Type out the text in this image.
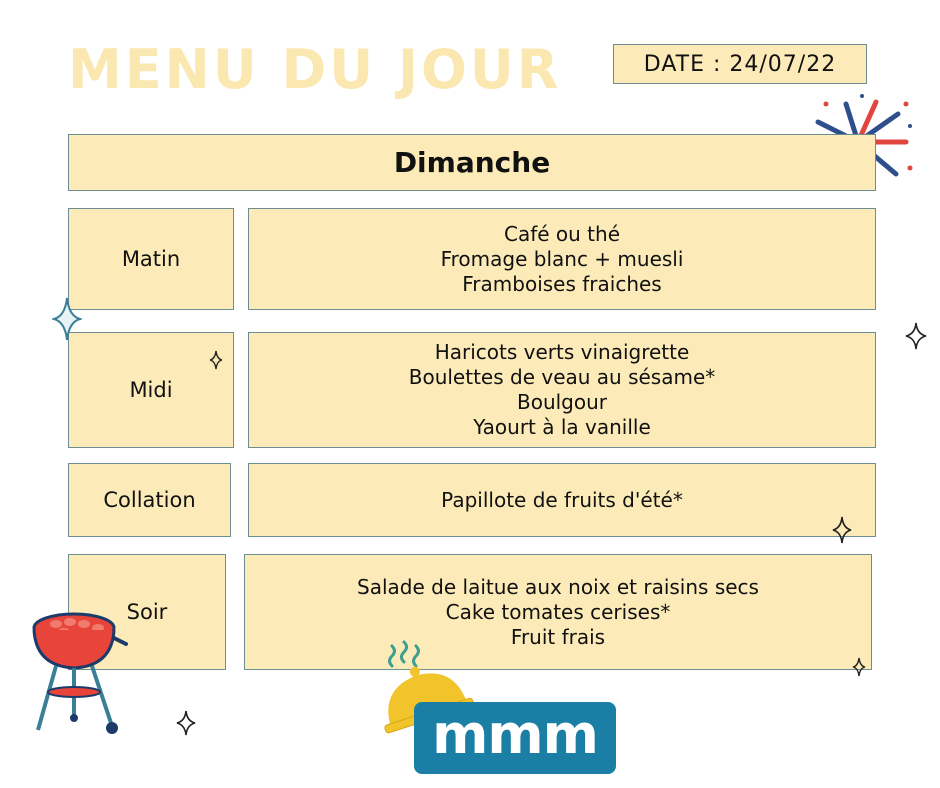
MENU DU JOUR	DATE : 24/07/22
Dimanche
Matin
Café ou thé
Fromage blanc + muesli
Framboises fraiches
Midi
Haricots verts vinaigrette
Boulettes de veau au sésame*
Boulgour
Yaourt à la vanille
Collation	Papillote de fruits d'été*
Soir
Salade de laitue aux noix et raisins secs
Cake tomates cerises*
Fruit frais
mmm
